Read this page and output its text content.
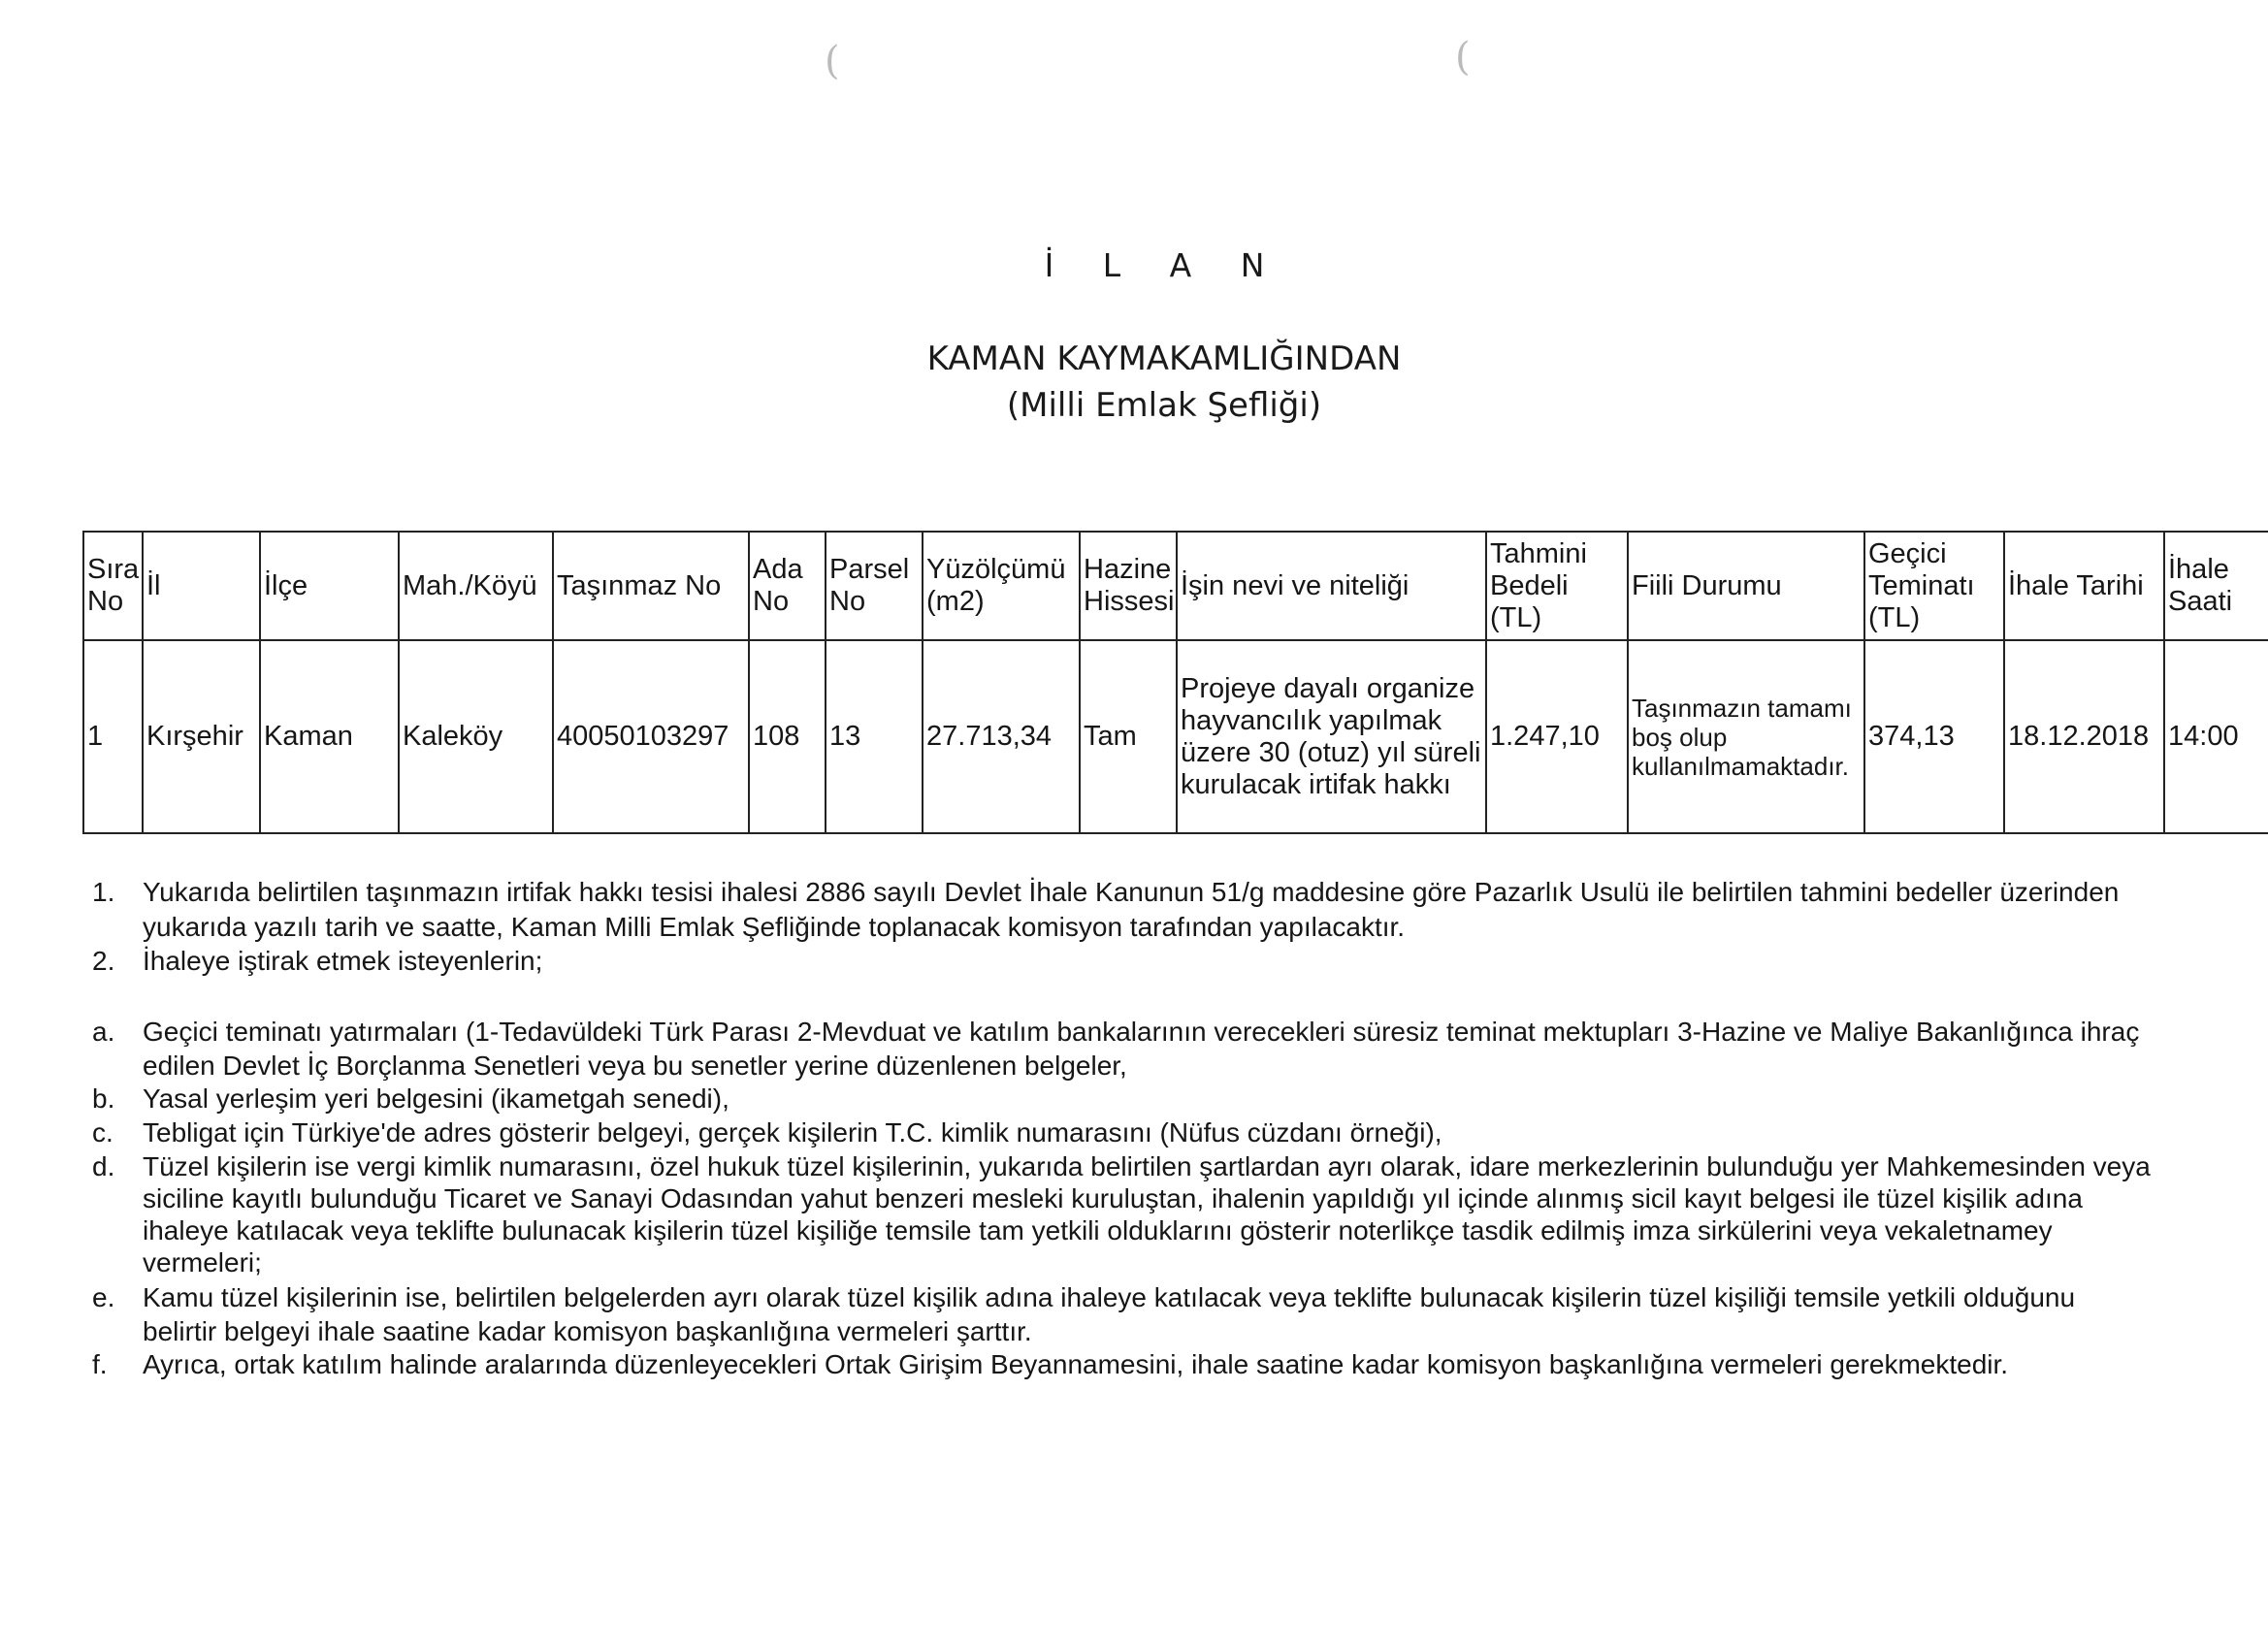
(	(
İ L A N
KAMAN KAYMAKAMLIĞINDAN
(Milli Emlak Şefliği)
Sıra No	İl	İlçe	Mah./Köyü	Taşınmaz No	Ada No	Parsel No	Yüzölçümü (m2)	Hazine Hissesi	İşin nevi ve niteliği	Tahmini Bedeli (TL)	Fiili Durumu	Geçici Teminatı (TL)	İhale Tarihi	İhale Saati
1	Kırşehir	Kaman	Kaleköy	40050103297	108	13	27.713,34	Tam	Projeye dayalı organize hayvancılık yapılmak üzere 30 (otuz) yıl süreli kurulacak irtifak hakkı	1.247,10	Taşınmazın tamamı boş olup kullanılmamaktadır.	374,13	18.12.2018	14:00
1. Yukarıda belirtilen taşınmazın irtifak hakkı tesisi ihalesi 2886 sayılı Devlet İhale Kanunun 51/g maddesine göre Pazarlık Usulü ile belirtilen tahmini bedeller üzerinden
yukarıda yazılı tarih ve saatte, Kaman Milli Emlak Şefliğinde toplanacak komisyon tarafından yapılacaktır.
2. İhaleye iştirak etmek isteyenlerin;
a. Geçici teminatı yatırmaları (1-Tedavüldeki Türk Parası 2-Mevduat ve katılım bankalarının verecekleri süresiz teminat mektupları 3-Hazine ve Maliye Bakanlığınca ihraç
edilen Devlet İç Borçlanma Senetleri veya bu senetler yerine düzenlenen belgeler,
b. Yasal yerleşim yeri belgesini (ikametgah senedi),
c. Tebligat için Türkiye'de adres gösterir belgeyi, gerçek kişilerin T.C. kimlik numarasını (Nüfus cüzdanı örneği),
d. Tüzel kişilerin ise vergi kimlik numarasını, özel hukuk tüzel kişilerinin, yukarıda belirtilen şartlardan ayrı olarak, idare merkezlerinin bulunduğu yer Mahkemesinden veya
siciline kayıtlı bulunduğu Ticaret ve Sanayi Odasından yahut benzeri mesleki kuruluştan, ihalenin yapıldığı yıl içinde alınmış sicil kayıt belgesi ile tüzel kişilik adına
ihaleye katılacak veya teklifte bulunacak kişilerin tüzel kişiliğe temsile tam yetkili olduklarını gösterir noterlikçe tasdik edilmiş imza sirkülerini veya vekaletnamey
vermeleri;
e. Kamu tüzel kişilerinin ise, belirtilen belgelerden ayrı olarak tüzel kişilik adına ihaleye katılacak veya teklifte bulunacak kişilerin tüzel kişiliği temsile yetkili olduğunu
belirtir belgeyi ihale saatine kadar komisyon başkanlığına vermeleri şarttır.
f. Ayrıca, ortak katılım halinde aralarında düzenleyecekleri Ortak Girişim Beyannamesini, ihale saatine kadar komisyon başkanlığına vermeleri gerekmektedir.
